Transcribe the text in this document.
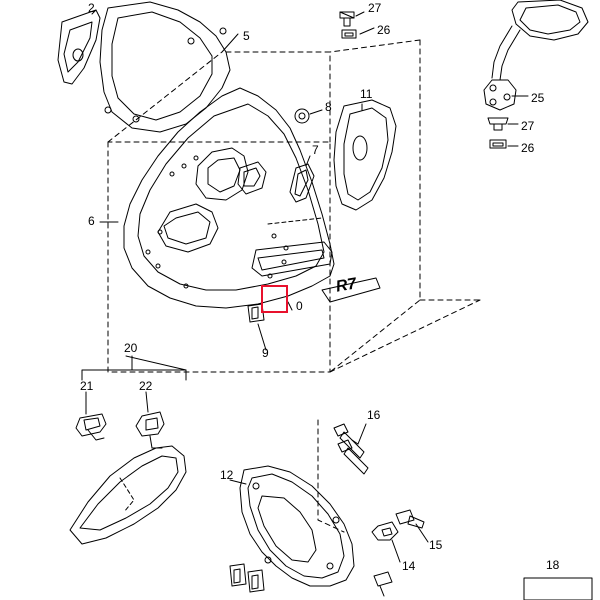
2
5
27
26
25
27
26
8
11
7
6
0
9
20
21	22
16
12
15
14	18
R7
